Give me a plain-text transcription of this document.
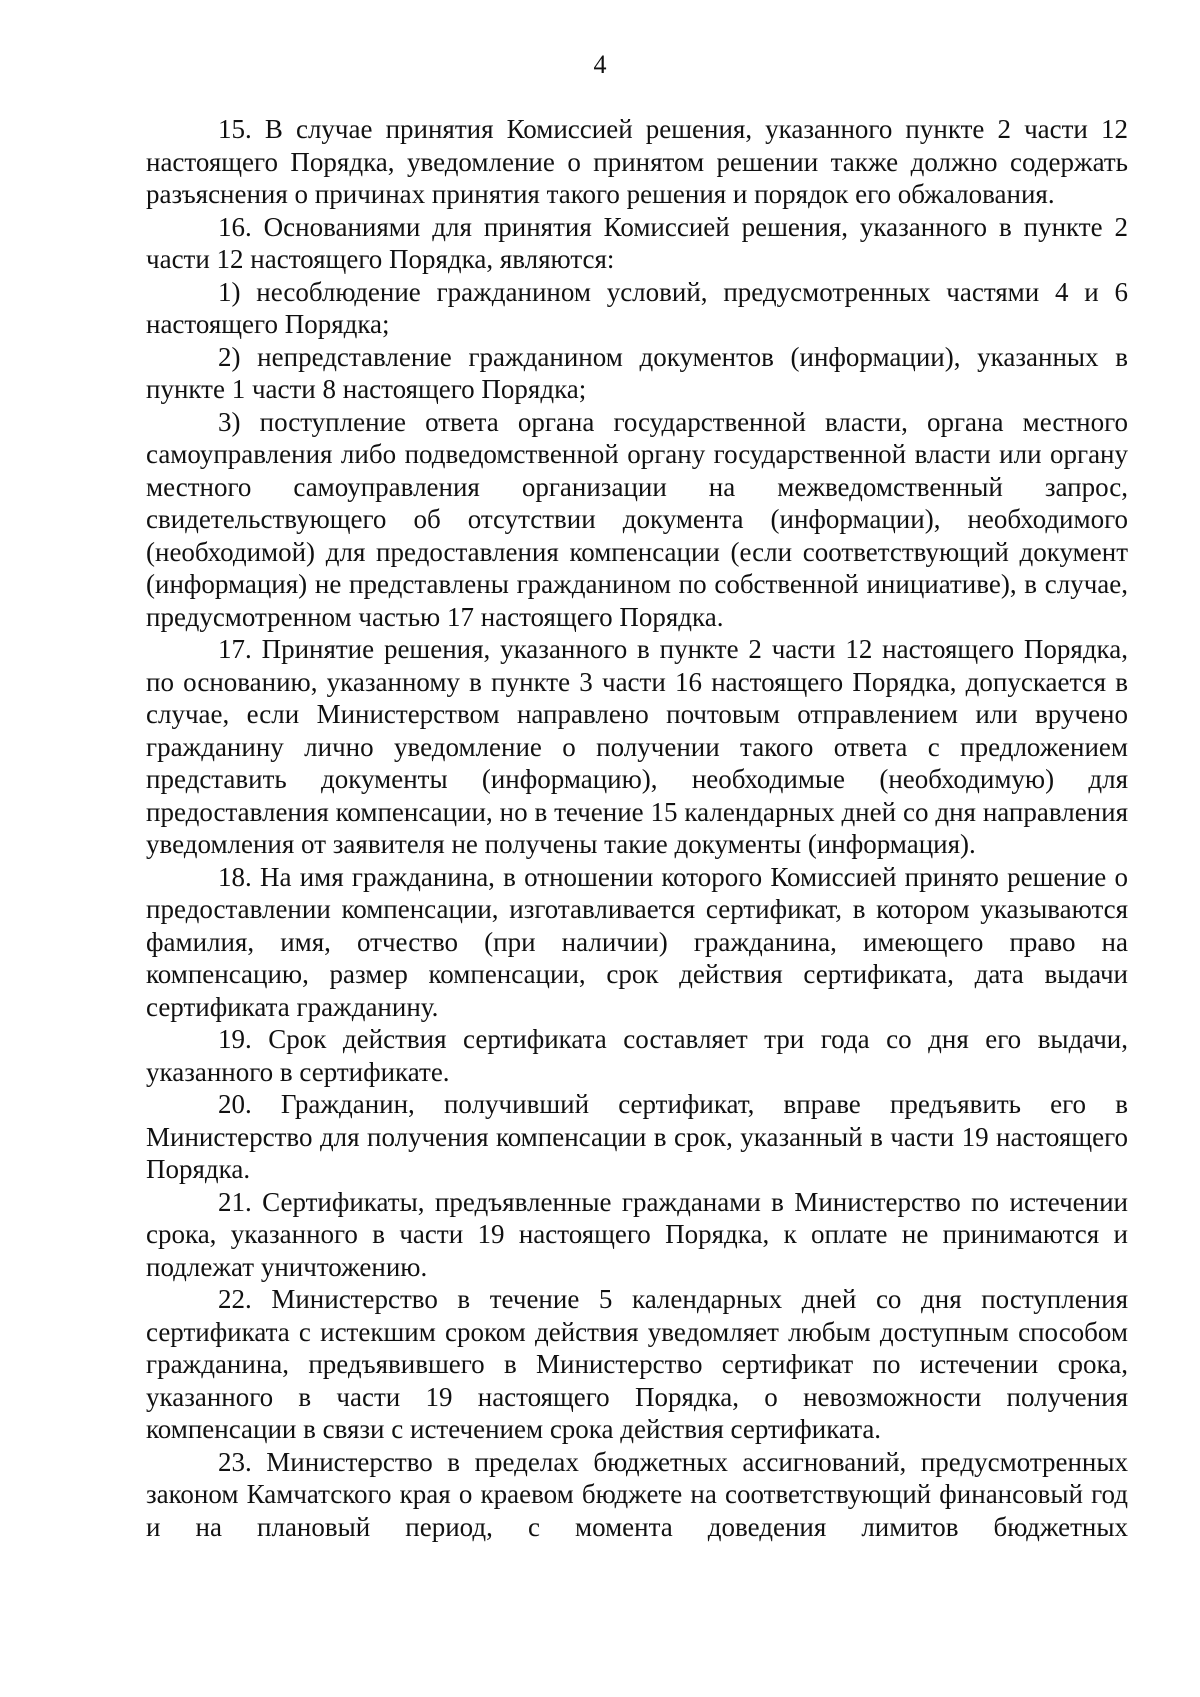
4

15. В случае принятия Комиссией решения, указанного пункте 2 части 12 настоящего Порядка, уведомление о принятом решении также должно содержать разъяснения о причинах принятия такого решения и порядок его обжалования.

16. Основаниями для принятия Комиссией решения, указанного в пункте 2 части 12 настоящего Порядка, являются:

1) несоблюдение гражданином условий, предусмотренных частями 4 и 6 настоящего Порядка;

2) непредставление гражданином документов (информации), указанных в пункте 1 части 8 настоящего Порядка;

3) поступление ответа органа государственной власти, органа местного самоуправления либо подведомственной органу государственной власти или органу местного самоуправления организации на межведомственный запрос, свидетельствующего об отсутствии документа (информации), необходимого (необходимой) для предоставления компенсации (если соответствующий документ (информация) не представлены гражданином по собственной инициативе), в случае, предусмотренном частью 17 настоящего Порядка.

17. Принятие решения, указанного в пункте 2 части 12 настоящего Порядка, по основанию, указанному в пункте 3 части 16 настоящего Порядка, допускается в случае, если Министерством направлено почтовым отправлением или вручено гражданину лично уведомление о получении такого ответа с предложением представить документы (информацию), необходимые (необходимую) для предоставления компенсации, но в течение 15 календарных дней со дня направления уведомления от заявителя не получены такие документы (информация).

18. На имя гражданина, в отношении которого Комиссией принято решение о предоставлении компенсации, изготавливается сертификат, в котором указываются фамилия, имя, отчество (при наличии) гражданина, имеющего право на компенсацию, размер компенсации, срок действия сертификата, дата выдачи сертификата гражданину.

19. Срок действия сертификата составляет три года со дня его выдачи, указанного в сертификате.

20. Гражданин, получивший сертификат, вправе предъявить его в Министерство для получения компенсации в срок, указанный в части 19 настоящего Порядка.

21. Сертификаты, предъявленные гражданами в Министерство по истечении срока, указанного в части 19 настоящего Порядка, к оплате не принимаются и подлежат уничтожению.

22. Министерство в течение 5 календарных дней со дня поступления сертификата с истекшим сроком действия уведомляет любым доступным способом гражданина, предъявившего в Министерство сертификат по истечении срока, указанного в части 19 настоящего Порядка, о невозможности получения компенсации в связи с истечением срока действия сертификата.

23. Министерство в пределах бюджетных ассигнований, предусмотренных законом Камчатского края о краевом бюджете на соответствующий финансовый год и на плановый период, с момента доведения лимитов бюджетных
